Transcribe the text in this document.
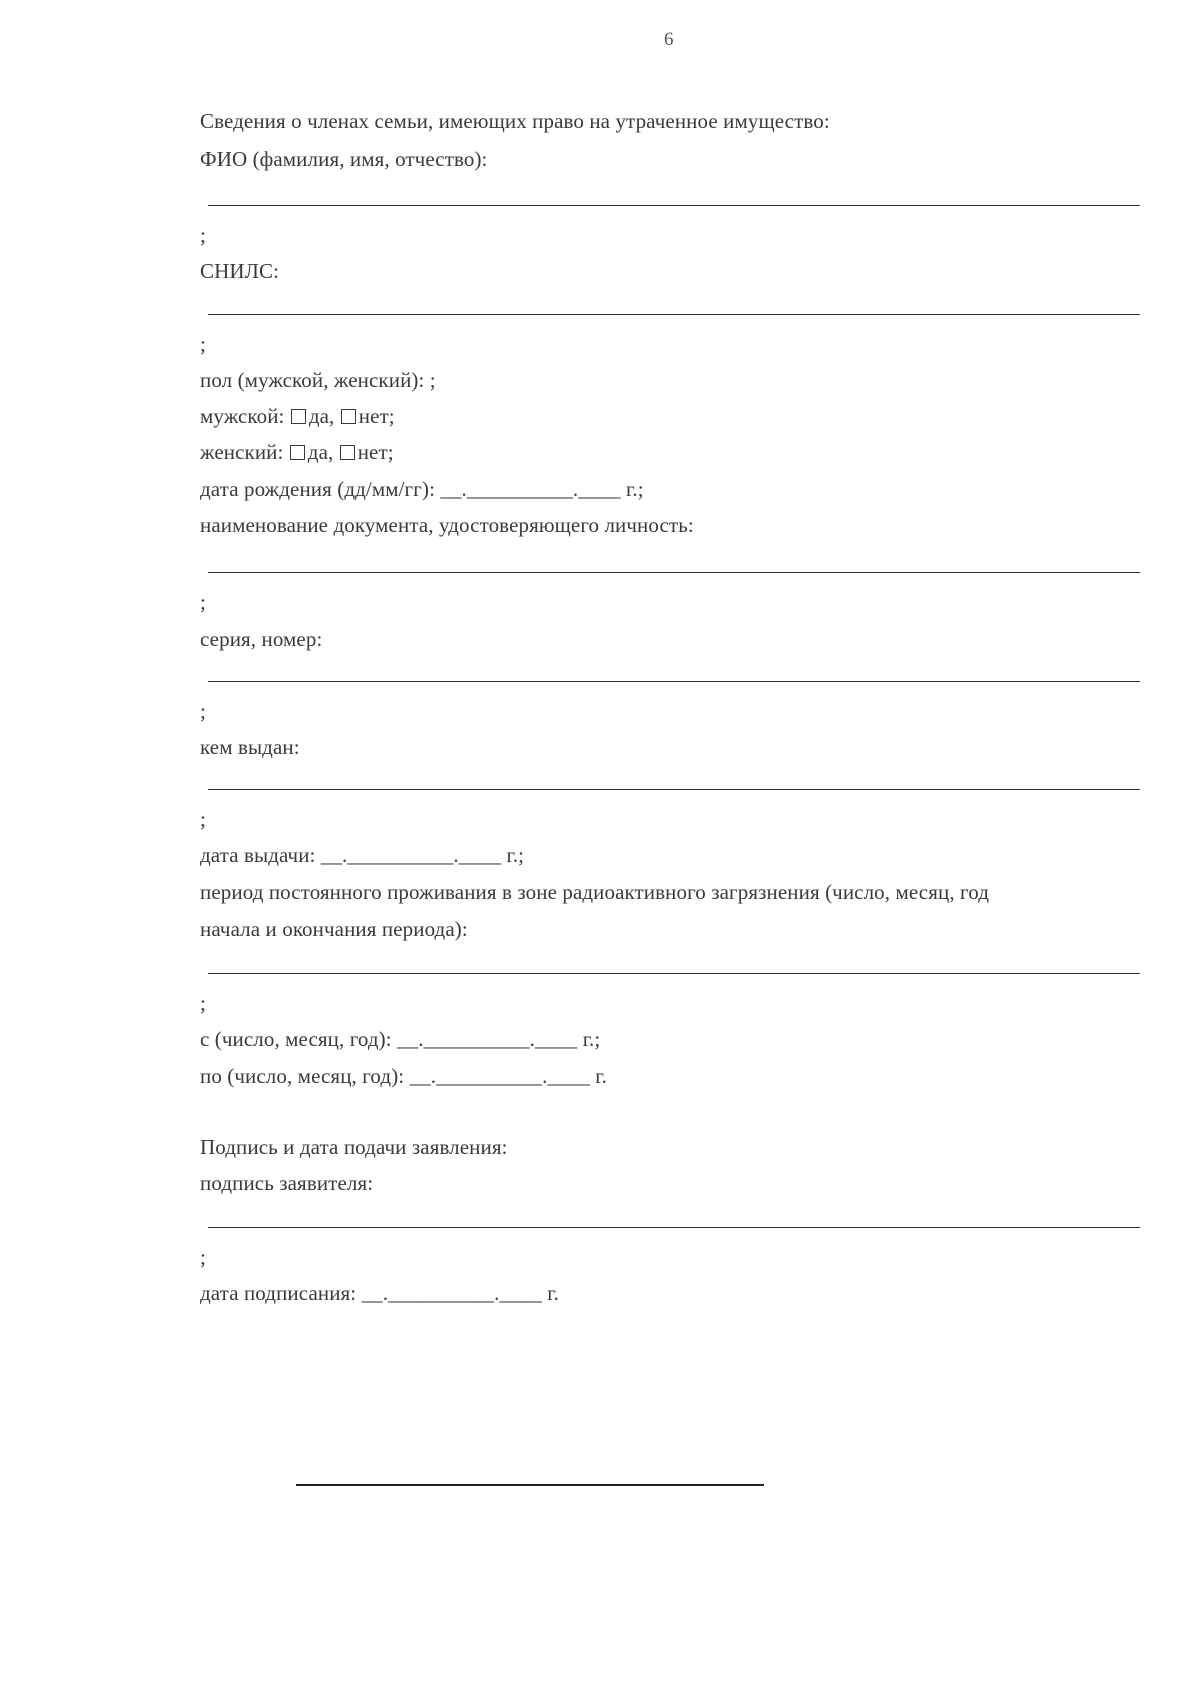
6
Сведения о членах семьи, имеющих право на утраченное имущество:
ФИО (фамилия, имя, отчество):
;
СНИЛС:
;
пол (мужской, женский): ;
мужской: да, нет;
женский: да, нет;
дата рождения (дд/мм/гг): __.__________.____ г.;
наименование документа, удостоверяющего личность:
;
серия, номер:
;
кем выдан:
;
дата выдачи: __.__________.____ г.;
период постоянного проживания в зоне радиоактивного загрязнения (число, месяц, год
начала и окончания периода):
;
с (число, месяц, год): __.__________.____ г.;
по (число, месяц, год): __.__________.____ г.
Подпись и дата подачи заявления:
подпись заявителя:
;
дата подписания: __.__________.____ г.
